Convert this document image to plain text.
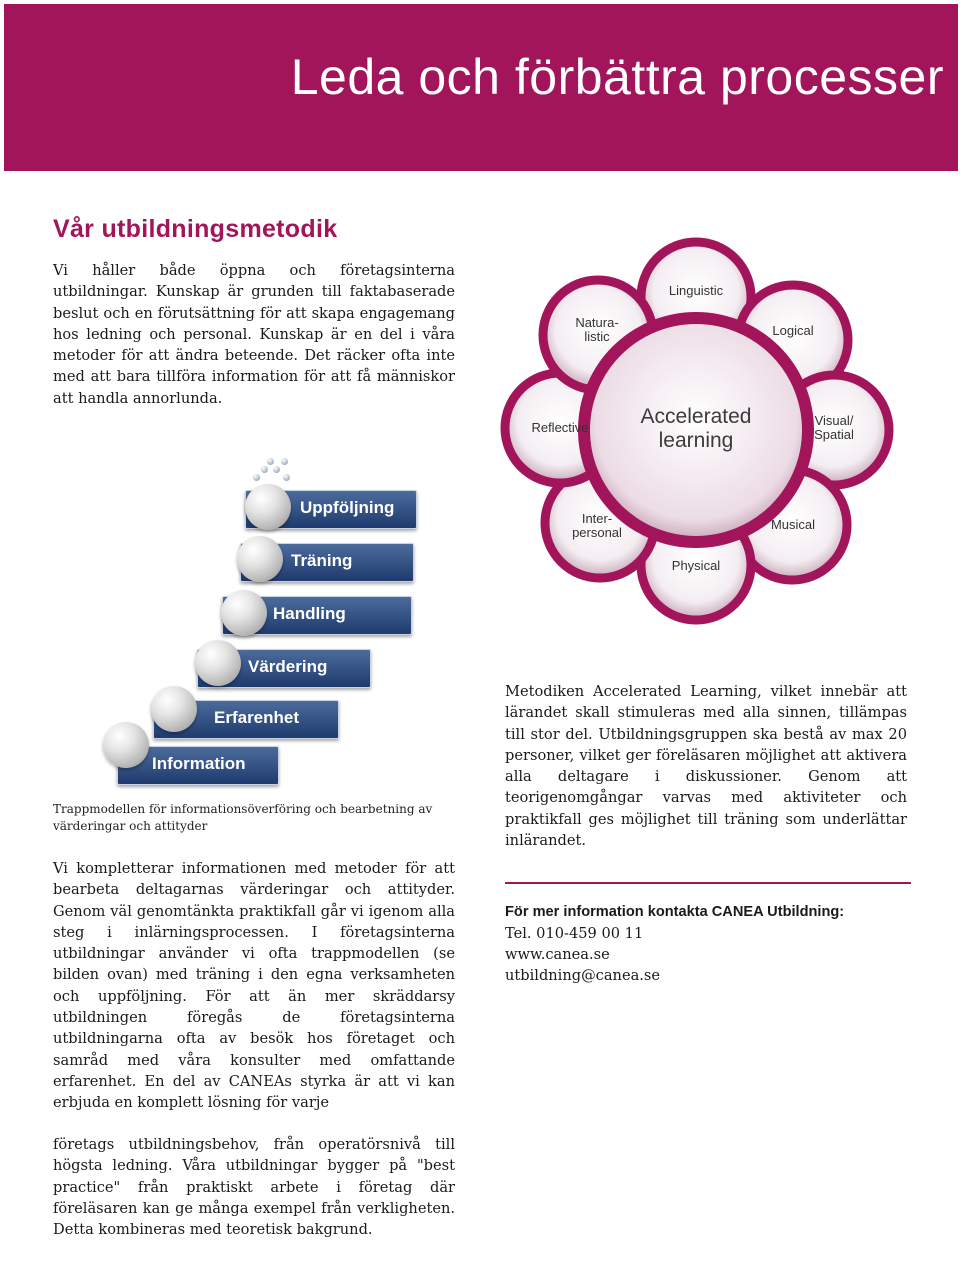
Leda och förbättra processer
Vår utbildningsmetodik
Vi håller både öppna och företagsinterna utbildningar. Kunskap är grunden till faktabaserade beslut och en förutsättning för att skapa engagemang hos ledning och personal. Kunskap är en del i våra metoder för att ändra beteende. Det räcker ofta inte med att bara tillföra information för att få människor att handla annorlunda.
Accelerated learning
Linguistic
Logical
Visual/ Spatial
Musical
Physical
Inter- personal
Reflective
Natura- listic
Uppföljning
Träning
Handling
Värdering
Erfarenhet
Information
Trappmodellen för informationsöverföring och bearbetning av värderingar och attityder
Metodiken Accelerated Learning, vilket innebär att lärandet skall stimuleras med alla sinnen, tillämpas till stor del. Utbildningsgruppen ska bestå av max 20 personer, vilket ger föreläsaren möjlighet att aktivera alla deltagare i diskussioner. Genom att teorigenomgångar varvas med aktiviteter och praktikfall ges möjlighet till träning som underlättar inlärandet.
För mer information kontakta CANEA Utbildning:
Tel. 010-459 00 11
www.canea.se
utbildning@canea.se
Vi kompletterar informationen med metoder för att bearbeta deltagarnas värderingar och attityder. Genom väl genomtänkta praktikfall går vi igenom alla steg i inlärningsprocessen. I företagsinterna utbildningar använder vi ofta trappmodellen (se bilden ovan) med träning i den egna verksamheten och uppföljning. För att än mer skräddarsy utbildningen föregås de företagsinterna utbildningarna ofta av besök hos företaget och samråd med våra konsulter med omfattande erfarenhet. En del av CANEAs styrka är att vi kan erbjuda en komplett lösning för varje
företags utbildningsbehov, från operatörsnivå till högsta ledning. Våra utbildningar bygger på "best practice" från praktiskt arbete i företag där föreläsaren kan ge många exempel från verkligheten. Detta kombineras med teoretisk bakgrund.
